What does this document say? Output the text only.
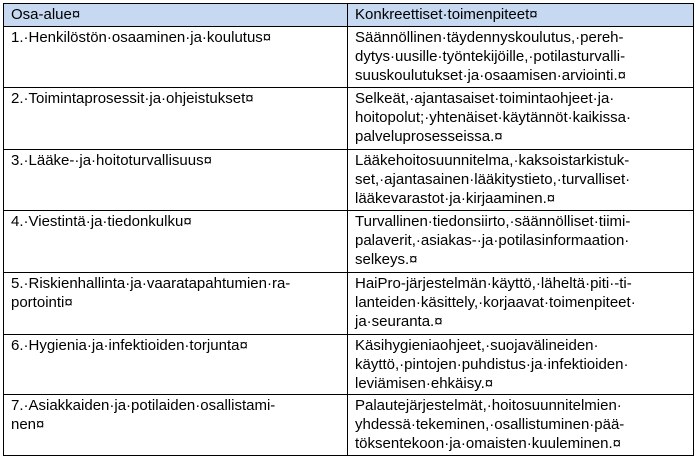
Osa-alue¤	Konkreettiset·toimenpiteet¤
1.·Henkilöstön·osaaminen·ja·koulutus¤	Säännöllinen·täydennyskoulutus,·pereh-
dytys·uusille·työntekijöille,·potilasturvalli-
suuskoulutukset·ja·osaamisen·arviointi.¤
2.·Toimintaprosessit·ja·ohjeistukset¤	Selkeät,·ajantasaiset·toimintaohjeet·ja·
hoitopolut;·yhtenäiset·käytännöt·kaikissa·
palveluprosesseissa.¤
3.·Lääke-·ja·hoitoturvallisuus¤	Lääkehoitosuunnitelma,·kaksoistarkistuk-
set,·ajantasainen·lääkitystieto,·turvalliset·
lääkevarastot·ja·kirjaaminen.¤
4.·Viestintä·ja·tiedonkulku¤	Turvallinen·tiedonsiirto,·säännölliset·tiimi-
palaverit,·asiakas-·ja·potilasinformaation·
selkeys.¤
5.·Riskienhallinta·ja·vaaratapahtumien·ra-
portointi¤	HaiPro-järjestelmän·käyttö,·läheltä·piti·-ti-
lanteiden·käsittely,·korjaavat·toimenpiteet·
ja·seuranta.¤
6.·Hygienia·ja·infektioiden·torjunta¤	Käsihygieniaohjeet,·suojavälineiden·
käyttö,·pintojen·puhdistus·ja·infektioiden·
leviämisen·ehkäisy.¤
7.·Asiakkaiden·ja·potilaiden·osallistami-
nen¤	Palautejärjestelmät,·hoitosuunnitelmien·
yhdessä·tekeminen,·osallistuminen·pää-
töksentekoon·ja·omaisten·kuuleminen.¤
